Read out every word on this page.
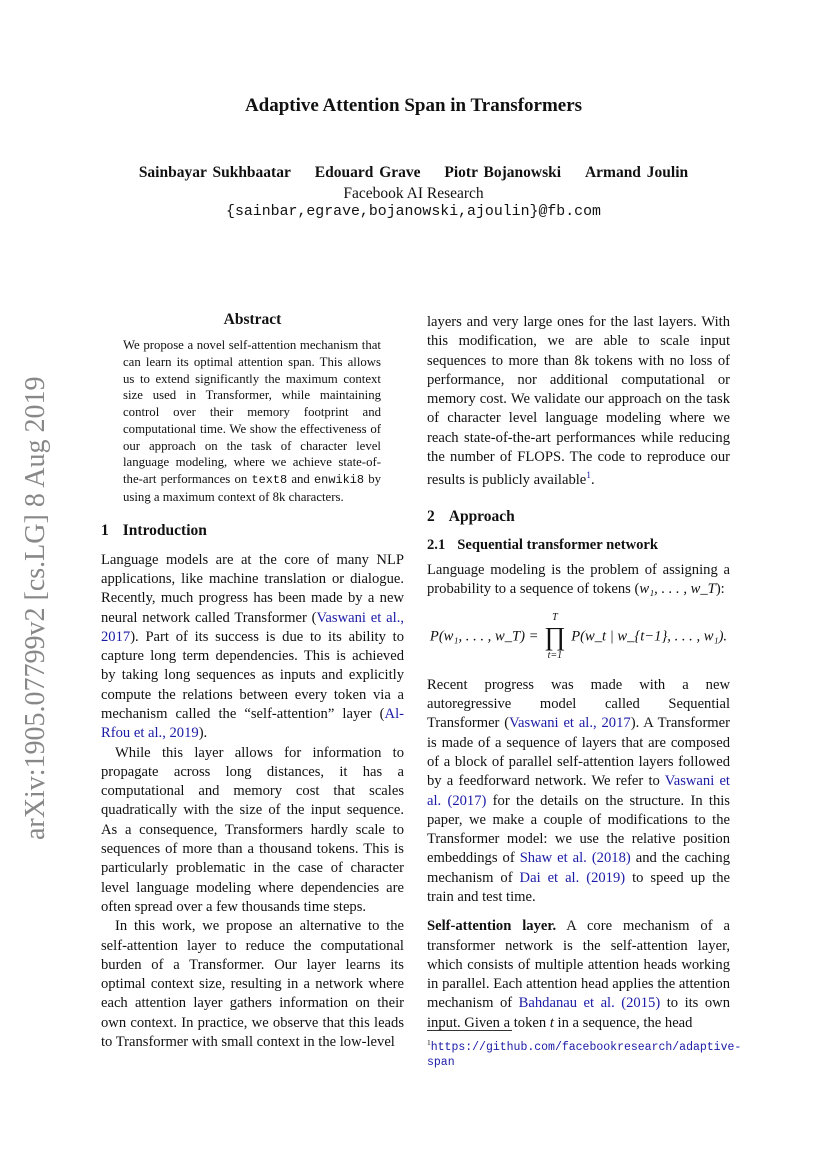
arXiv:1905.07799v2 [cs.LG] 8 Aug 2019
Adaptive Attention Span in Transformers
Sainbayar Sukhbaatar Edouard Grave Piotr Bojanowski Armand Joulin
Facebook AI Research
{sainbar,egrave,bojanowski,ajoulin}@fb.com
Abstract

We propose a novel self-attention mechanism that can learn its optimal attention span. This allows us to extend significantly the maximum context size used in Transformer, while maintaining control over their memory footprint and computational time. We show the effectiveness of our approach on the task of character level language modeling, where we achieve state-of-the-art performances on text8 and enwiki8 by using a maximum context of 8k characters.

1 Introduction

Language models are at the core of many NLP applications, like machine translation or dialogue. Recently, much progress has been made by a new neural network called Transformer (Vaswani et al., 2017). Part of its success is due to its ability to capture long term dependencies. This is achieved by taking long sequences as inputs and explicitly compute the relations between every token via a mechanism called the “self-attention” layer (Al-Rfou et al., 2019).

While this layer allows for information to propagate across long distances, it has a computational and memory cost that scales quadratically with the size of the input sequence. As a consequence, Transformers hardly scale to sequences of more than a thousand tokens. This is particularly problematic in the case of character level language modeling where dependencies are often spread over a few thousands time steps.

In this work, we propose an alternative to the self-attention layer to reduce the computational burden of a Transformer. Our layer learns its optimal context size, resulting in a network where each attention layer gathers information on their own context. In practice, we observe that this leads to Transformer with small context in the low-level

layers and very large ones for the last layers. With this modification, we are able to scale input sequences to more than 8k tokens with no loss of performance, nor additional computational or memory cost. We validate our approach on the task of character level language modeling where we reach state-of-the-art performances while reducing the number of FLOPS. The code to reproduce our results is publicly available$^1$.

2 Approach
2.1 Sequential transformer network

Language modeling is the problem of assigning a probability to a sequence of tokens (w₁, . . . , w_T):

P(w₁, . . . , w_T) =
T
∏
t=1
P(w_t | w_{t−1}, . . . , w₁).

Recent progress was made with a new autoregressive model called Sequential Transformer (Vaswani et al., 2017). A Transformer is made of a sequence of layers that are composed of a block of parallel self-attention layers followed by a feedforward network. We refer to Vaswani et al. (2017) for the details on the structure. In this paper, we make a couple of modifications to the Transformer model: we use the relative position embeddings of Shaw et al. (2018) and the caching mechanism of Dai et al. (2019) to speed up the train and test time.

Self-attention layer. A core mechanism of a transformer network is the self-attention layer, which consists of multiple attention heads working in parallel. Each attention head applies the attention mechanism of Bahdanau et al. (2015) to its own input. Given a token t in a sequence, the head

$^1$https://github.com/facebookresearch/adaptive-span
